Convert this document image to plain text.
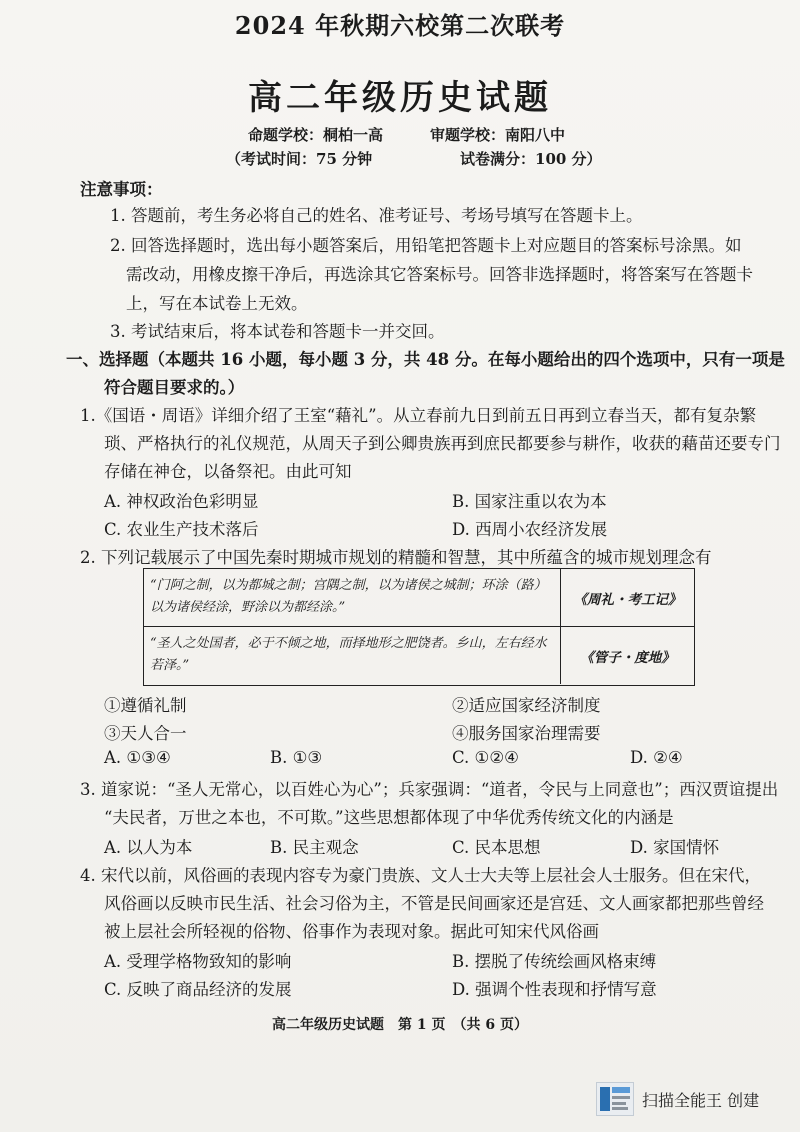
2024 年秋期六校第二次联考
高二年级历史试题
命题学校：桐柏一高	审题学校：南阳八中
（考试时间：75 分钟	试卷满分：100 分）
注意事项：
1. 答题前，考生务必将自己的姓名、准考证号、考场号填写在答题卡上。
2. 回答选择题时，选出每小题答案后，用铅笔把答题卡上对应题目的答案标号涂黑。如
需改动，用橡皮擦干净后，再选涂其它答案标号。回答非选择题时，将答案写在答题卡
上，写在本试卷上无效。
3. 考试结束后，将本试卷和答题卡一并交回。
一、选择题（本题共 16 小题，每小题 3 分，共 48 分。在每小题给出的四个选项中，只有一项是
符合题目要求的。）
1.《国语・周语》详细介绍了王室“藉礼”。从立春前九日到前五日再到立春当天，都有复杂繁
琐、严格执行的礼仪规范，从周天子到公卿贵族再到庶民都要参与耕作，收获的藉苗还要专门
存储在神仓，以备祭祀。由此可知
A. 神权政治色彩明显	B. 国家注重以农为本
C. 农业生产技术落后	D. 西周小农经济发展
2. 下列记载展示了中国先秦时期城市规划的精髓和智慧，其中所蕴含的城市规划理念有
“门阿之制，以为都城之制；宫隅之制，以为诸侯之城制；环涂（路）以为诸侯经涂，野涂以为都经涂。”	《周礼・考工记》
“圣人之处国者，必于不倾之地，而择地形之肥饶者。乡山，左右经水若泽。”	《管子・度地》
①遵循礼制	②适应国家经济制度
③天人合一	④服务国家治理需要
A. ①③④	B. ①③	C. ①②④	D. ②④
3. 道家说：“圣人无常心，以百姓心为心”；兵家强调：“道者，令民与上同意也”；西汉贾谊提出
“夫民者，万世之本也，不可欺。”这些思想都体现了中华优秀传统文化的内涵是
A. 以人为本	B. 民主观念	C. 民本思想	D. 家国情怀
4. 宋代以前，风俗画的表现内容专为豪门贵族、文人士大夫等上层社会人士服务。但在宋代，
风俗画以反映市民生活、社会习俗为主，不管是民间画家还是宫廷、文人画家都把那些曾经
被上层社会所轻视的俗物、俗事作为表现对象。据此可知宋代风俗画
A. 受理学格物致知的影响	B. 摆脱了传统绘画风格束缚
C. 反映了商品经济的发展	D. 强调个性表现和抒情写意
高二年级历史试题　第 1 页　（共 6 页）
扫描全能王 创建
